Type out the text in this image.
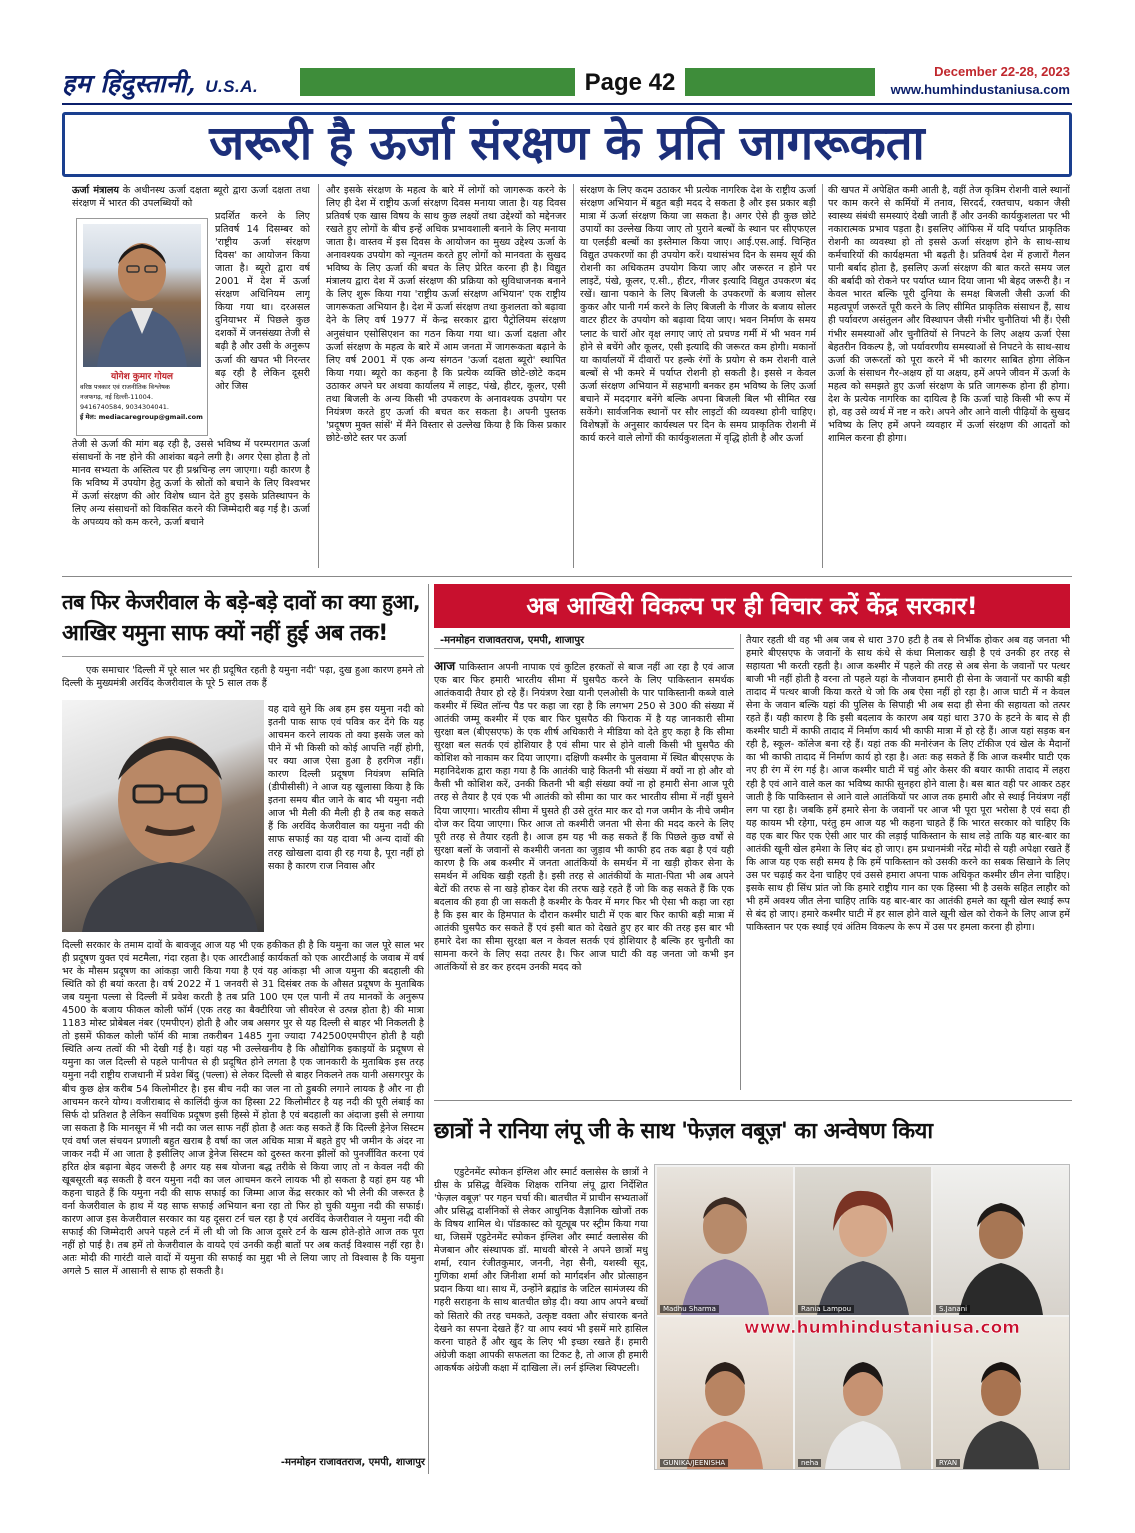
हम हिंदुस्तानी, U.S.A.	Page 42	December 22-28, 2023
www.humhindustaniusa.com
जरूरी है ऊर्जा संरक्षण के प्रति जागरूकता
ऊर्जा मंत्रालय के अधीनस्थ ऊर्जा दक्षता ब्यूरो द्वारा ऊर्जा दक्षता तथा संरक्षण में भारत की उपलब्धियों को
योगेश कुमार गोयल
वरिष्ठ पत्रकार एवं राजनीतिक विश्लेषक
नजफगढ़, नई दिल्ली-11004.
9416740584, 9034304041.
ई मेल: mediacaregroup@gmail.com
प्रदर्शित करने के लिए प्रतिवर्ष 14 दिसम्बर को 'राष्ट्रीय ऊर्जा संरक्षण दिवस' का आयोजन किया जाता है। ब्यूरो द्वारा वर्ष 2001 में देश में ऊर्जा संरक्षण अधिनियम लागू किया गया था। दरअसल दुनियाभर में पिछले कुछ दशकों में जनसंख्या तेजी से बढ़ी है और उसी के अनुरूप ऊर्जा की खपत भी निरन्तर बढ़ रही है लेकिन दूसरी ओर जिस
तेजी से ऊर्जा की मांग बढ़ रही है, उससे भविष्य में परम्परागत ऊर्जा संसाधनों के नष्ट होने की आशंका बढ़ने लगी है। अगर ऐसा होता है तो मानव सभ्यता के अस्तित्व पर ही प्रश्नचिन्ह लग जाएगा। यही कारण है कि भविष्य में उपयोग हेतु ऊर्जा के स्रोतों को बचाने के लिए विश्वभर में ऊर्जा संरक्षण की ओर विशेष ध्यान देते हुए इसके प्रतिस्थापन के लिए अन्य संसाधनों को विकसित करने की जिम्मेदारी बढ़ गई है। ऊर्जा के अपव्यय को कम करने, ऊर्जा बचाने
और इसके संरक्षण के महत्व के बारे में लोगों को जागरूक करने के लिए ही देश में राष्ट्रीय ऊर्जा संरक्षण दिवस मनाया जाता है। यह दिवस प्रतिवर्ष एक खास विषय के साथ कुछ लक्ष्यों तथा उद्देश्यों को मद्देनजर रखते हुए लोगों के बीच इन्हें अधिक प्रभावशाली बनाने के लिए मनाया जाता है। वास्तव में इस दिवस के आयोजन का मुख्य उद्देश्य ऊर्जा के अनावश्यक उपयोग को न्यूनतम करते हुए लोगों को मानवता के सुखद भविष्य के लिए ऊर्जा की बचत के लिए प्रेरित करना ही है। विद्युत मंत्रालय द्वारा देश में ऊर्जा संरक्षण की प्रक्रिया को सुविधाजनक बनाने के लिए शुरू किया गया 'राष्ट्रीय ऊर्जा संरक्षण अभियान' एक राष्ट्रीय जागरूकता अभियान है। देश में ऊर्जा संरक्षण तथा कुशलता को बढ़ावा देने के लिए वर्ष 1977 में केन्द्र सरकार द्वारा पैट्रोलियम संरक्षण अनुसंधान एसोसिएशन का गठन किया गया था। ऊर्जा दक्षता और ऊर्जा संरक्षण के महत्व के बारे में आम जनता में जागरूकता बढ़ाने के लिए वर्ष 2001 में एक अन्य संगठन 'ऊर्जा दक्षता ब्यूरो' स्थापित किया गया। ब्यूरो का कहना है कि प्रत्येक व्यक्ति छोटे-छोटे कदम उठाकर अपने घर अथवा कार्यालय में लाइट, पंखे, हीटर, कूलर, एसी तथा बिजली के अन्य किसी भी उपकरण के अनावश्यक उपयोग पर नियंत्रण करते हुए ऊर्जा की बचत कर सकता है। अपनी पुस्तक 'प्रदूषण मुक्त सांसें' में मैंने विस्तार से उल्लेख किया है कि किस प्रकार छोटे-छोटे स्तर पर ऊर्जा
संरक्षण के लिए कदम उठाकर भी प्रत्येक नागरिक देश के राष्ट्रीय ऊर्जा संरक्षण अभियान में बहुत बड़ी मदद दे सकता है और इस प्रकार बड़ी मात्रा में ऊर्जा संरक्षण किया जा सकता है। अगर ऐसे ही कुछ छोटे उपायों का उल्लेख किया जाए तो पुराने बल्बों के स्थान पर सीएफएल या एलईडी बल्बों का इस्तेमाल किया जाए। आई.एस.आई. चिन्हित विद्युत उपकरणों का ही उपयोग करें। यथासंभव दिन के समय सूर्य की रोशनी का अधिकतम उपयोग किया जाए और जरूरत न होने पर लाइटें, पंखे, कूलर, ए.सी., हीटर, गीजर इत्यादि विद्युत उपकरण बंद रखें। खाना पकाने के लिए बिजली के उपकरणों के बजाय सोलर कुकर और पानी गर्म करने के लिए बिजली के गीजर के बजाय सोलर वाटर हीटर के उपयोग को बढ़ावा दिया जाए। भवन निर्माण के समय प्लाट के चारों ओर वृक्ष लगाए जाएं तो प्रचण्ड गर्मी में भी भवन गर्म होने से बचेंगे और कूलर, एसी इत्यादि की जरूरत कम होगी। मकानों या कार्यालयों में दीवारों पर हल्के रंगों के प्रयोग से कम रोशनी वाले बल्बों से भी कमरे में पर्याप्त रोशनी हो सकती है। इससे न केवल ऊर्जा संरक्षण अभियान में सहभागी बनकर हम भविष्य के लिए ऊर्जा बचाने में मददगार बनेंगे बल्कि अपना बिजली बिल भी सीमित रख सकेंगे। सार्वजनिक स्थानों पर सौर लाइटों की व्यवस्था होनी चाहिए। विशेषज्ञों के अनुसार कार्यस्थल पर दिन के समय प्राकृतिक रोशनी में कार्य करने वाले लोगों की कार्यकुशलता में वृद्धि होती है और ऊर्जा
की खपत में अपेक्षित कमी आती है, वहीं तेज कृत्रिम रोशनी वाले स्थानों पर काम करने से कर्मियों में तनाव, सिरदर्द, रक्तचाप, थकान जैसी स्वास्थ्य संबंधी समस्याएं देखी जाती हैं और उनकी कार्यकुशलता पर भी नकारात्मक प्रभाव पड़ता है। इसलिए ऑफिस में यदि पर्याप्त प्राकृतिक रोशनी का व्यवस्था हो तो इससे ऊर्जा संरक्षण होने के साथ-साथ कर्मचारियों की कार्यक्षमता भी बढ़ती है। प्रतिवर्ष देश में हजारों गैलन पानी बर्बाद होता है, इसलिए ऊर्जा संरक्षण की बात करते समय जल की बर्बादी को रोकने पर पर्याप्त ध्यान दिया जाना भी बेहद जरूरी है। न केवल भारत बल्कि पूरी दुनिया के समक्ष बिजली जैसी ऊर्जा की महत्वपूर्ण जरूरतें पूरी करने के लिए सीमित प्राकृतिक संसाधन हैं, साथ ही पर्यावरण असंतुलन और विस्थापन जैसी गंभीर चुनौतियां भी हैं। ऐसी गंभीर समस्याओं और चुनौतियों से निपटने के लिए अक्षय ऊर्जा ऐसा बेहतरीन विकल्प है, जो पर्यावरणीय समस्याओं से निपटने के साथ-साथ ऊर्जा की जरूरतों को पूरा करने में भी कारगर साबित होगा लेकिन ऊर्जा के संसाधन गैर-अक्षय हों या अक्षय, हमें अपने जीवन में ऊर्जा के महत्व को समझते हुए ऊर्जा संरक्षण के प्रति जागरूक होना ही होगा। देश के प्रत्येक नागरिक का दायित्व है कि ऊर्जा चाहे किसी भी रूप में हो, वह उसे व्यर्थ में नष्ट न करे। अपने और आने वाली पीढ़ियों के सुखद भविष्य के लिए हमें अपने व्यवहार में ऊर्जा संरक्षण की आदतों को शामिल करना ही होगा।
तब फिर केजरीवाल के बड़े-बड़े दावों का क्या हुआ,
आखिर यमुना साफ क्यों नहीं हुई अब तक!
एक समाचार 'दिल्ली में पूरे साल भर ही प्रदूषित रहती है यमुना नदी' पढ़ा, दुख हुआ कारण हमने तो दिल्ली के मुख्यमंत्री अरविंद केजरीवाल के पूरे 5 साल तक हैं
यह दावे सुने कि अब हम इस यमुना नदी को इतनी पाक साफ एवं पवित्र कर देंगे कि यह आचमन करने लायक तो क्या इसके जल को पीने में भी किसी को कोई आपत्ति नहीं होगी, पर क्या आज ऐसा हुआ है हरगिज नहीं। कारण दिल्ली प्रदूषण नियंत्रण समिति (डीपीसीसी) ने आज यह खुलासा किया है कि इतना समय बीत जाने के बाद भी यमुना नदी आज भी मैली की मैली ही है तब कह सकते हैं कि अरविंद केजरीवाल का यमुना नदी की साफ सफाई का यह दावा भी अन्य दावों की तरह खोखला दावा ही रह गया है, पूरा नहीं हो सका है कारण राज निवास और
दिल्ली सरकार के तमाम दावों के बावजूद आज यह भी एक हकीकत ही है कि यमुना का जल पूरे साल भर ही प्रदूषण युक्त एवं मटमैला, गंदा रहता है। एक आरटीआई कार्यकर्ता को एक आरटीआई के जवाब में वर्ष भर के मौसम प्रदूषण का आंकड़ा जारी किया गया है एवं यह आंकड़ा भी आज यमुना की बदहाली की स्थिति को ही बयां करता है। वर्ष 2022 में 1 जनवरी से 31 दिसंबर तक के औसत प्रदूषण के मुताबिक जब यमुना पल्ला से दिल्ली में प्रवेश करती है तब प्रति 100 एम एल पानी में तय मानकों के अनुरूप 4500 के बजाय फीकल कोली फॉर्म (एक तरह का बैक्टीरिया जो सीवरेज से उत्पन्न होता है) की मात्रा 1183 मोस्ट प्रोबेबल नंबर (एमपीएन) होती है और जब असगर पुर से यह दिल्ली से बाहर भी निकलती है तो इसमें फीकल कोली फॉर्म की मात्रा तकरीबन 1485 गुना ज्यादा 742500एमपीएन होती है यही स्थिति अन्य तत्वों की भी देखी गई है। यहां यह भी उल्लेखनीय है कि औद्योगिक इकाइयों के प्रदूषण से यमुना का जल दिल्ली से पहले पानीपत से ही प्रदूषित होने लगता है एक जानकारी के मुताबिक इस तरह यमुना नदी राष्ट्रीय राजधानी में प्रवेश बिंदु (पल्ला) से लेकर दिल्ली से बाहर निकलने तक यानी असगरपुर के बीच कुछ क्षेत्र करीब 54 किलोमीटर है। इस बीच नदी का जल ना तो डुबकी लगाने लायक है और ना ही आचमन करने योग्य। वजीराबाद से कालिंदी कुंज का हिस्सा 22 किलोमीटर है यह नदी की पूरी लंबाई का सिर्फ दो प्रतिशत है लेकिन सर्वाधिक प्रदूषण इसी हिस्से में होता है एवं बदहाली का अंदाजा इसी से लगाया जा सकता है कि मानसून में भी नदी का जल साफ नहीं होता है अतः कह सकते हैं कि दिल्ली ड्रेनेज सिस्टम एवं वर्षा जल संचयन प्रणाली बहुत खराब है वर्षा का जल अधिक मात्रा में बहते हुए भी जमीन के अंदर ना जाकर नदी में आ जाता है इसीलिए आज ड्रेनेज सिस्टम को दुरुस्त करना झीलों को पुनर्जीवित करना एवं हरित क्षेत्र बढ़ाना बेहद जरूरी है अगर यह सब योजना बद्ध तरीके से किया जाए तो न केवल नदी की खूबसूरती बढ़ सकती है वरन यमुना नदी का जल आचमन करने लायक भी हो सकता है यहां हम यह भी कहना चाहते हैं कि यमुना नदी की साफ सफाई का जिम्मा आज केंद्र सरकार को भी लेनी की जरूरत है वर्ना केजरीवाल के हाथ में यह साफ सफाई अभियान बना रहा तो फिर हो चुकी यमुना नदी की सफाई। कारण आज इस केजरीवाल सरकार का यह दूसरा टर्न चल रहा है एवं अरविंद केजरीवाल ने यमुना नदी की सफाई की जिम्मेदारी अपने पहले टर्न में ली थी जो कि आज दूसरे टर्न के खत्म होते-होते आज तक पूरा नहीं हो पाई है। तब हमें तो केजरीवाल के वायदे एवं उनकी कही बातों पर अब कतई विश्वास नहीं रहा है। अतः मोदी की गारंटी वाले वादों में यमुना की सफाई का मुद्दा भी ले लिया जाए तो विश्वास है कि यमुना अगले 5 साल में आसानी से साफ हो सकती है।
-मनमोहन राजावतराज, एमपी, शाजापुर
अब आखिरी विकल्प पर ही विचार करें केंद्र सरकार!
-मनमोहन राजावतराज, एमपी, शाजापुर
आज पाकिस्तान अपनी नापाक एवं कुटिल हरकतों से बाज नहीं आ रहा है एवं आज एक बार फिर हमारी भारतीय सीमा में घुसपैठ करने के लिए पाकिस्तान समर्थक आतंकवादी तैयार हो रहे हैं। नियंत्रण रेखा यानी एलओसी के पार पाकिस्तानी कब्जे वाले कश्मीर में स्थित लॉन्च पैड पर कहा जा रहा है कि लगभग 250 से 300 की संख्या में आतंकी जम्मू कश्मीर में एक बार फिर घुसपैठ की फिराक में है यह जानकारी सीमा सुरक्षा बल (बीएसएफ) के एक शीर्ष अधिकारी ने मीडिया को देते हुए कहा है कि सीमा सुरक्षा बल सतर्क एवं होशियार है एवं सीमा पार से होने वाली किसी भी घुसपैठ की कोशिश को नाकाम कर दिया जाएगा। दक्षिणी कश्मीर के पुलवामा में स्थित बीएसएफ के महानिदेशक द्वारा कहा गया है कि आतंकी चाहे कितनी भी संख्या में क्यों ना हो और वो कैसी भी कोशिश करें, उनकी कितनी भी बड़ी संख्या क्यों ना हो हमारी सेना आज पूरी तरह से तैयार है एवं एक भी आतंकी को सीमा का पार कर भारतीय सीमा में नहीं घुसने दिया जाएगा। भारतीय सीमा में घुसते ही उसे तुरंत मार कर दो गज जमीन के नीचे जमीन दोज कर दिया जाएगा। फिर आज तो कश्मीरी जनता भी सेना की मदद करने के लिए पूरी तरह से तैयार रहती है। आज हम यह भी कह सकते हैं कि पिछले कुछ वर्षों से सुरक्षा बलों के जवानों से कश्मीरी जनता का जुड़ाव भी काफी हद तक बढ़ा है एवं यही कारण है कि अब कश्मीर में जनता आतंकियों के समर्थन में ना खड़ी होकर सेना के समर्थन में अधिक खड़ी रहती है। इसी तरह से आतंकीयों के माता-पिता भी अब अपने बेटों की तरफ से ना खड़े होकर देश की तरफ खड़े रहते हैं जो कि कह सकते हैं कि एक बदलाव की हवा ही जा सकती है कश्मीर के फैवर में मगर फिर भी ऐसा भी कहा जा रहा है कि इस बार के हिमपात के दौरान कश्मीर घाटी में एक बार फिर काफी बड़ी मात्रा में आतंकी घुसपैठ कर सकते हैं एवं इसी बात को देखते हुए हर बार की तरह इस बार भी हमारे देश का सीमा सुरक्षा बल न केवल सतर्क एवं होशियार है बल्कि हर चुनौती का सामना करने के लिए सदा तत्पर है। फिर आज घाटी की वह जनता जो कभी इन आतंकियों से डर कर हरदम उनकी मदद को
तैयार रहती थी वह भी अब जब से धारा 370 हटी है तब से निर्भीक होकर अब वह जनता भी हमारे बीएसएफ के जवानों के साथ कंधे से कंधा मिलाकर खड़ी है एवं उनकी हर तरह से सहायता भी करती रहती है। आज कश्मीर में पहले की तरह से अब सेना के जवानों पर पत्थर बाजी भी नहीं होती है वरना तो पहले यहां के नौजवान हमारी ही सेना के जवानों पर काफी बड़ी तादाद में पत्थर बाजी किया करते थे जो कि अब ऐसा नहीं हो रहा है। आज घाटी में न केवल सेना के जवान बल्कि यहां की पुलिस के सिपाही भी अब सदा ही सेना की सहायता को तत्पर रहते हैं। यही कारण है कि इसी बदलाव के कारण अब यहां धारा 370 के हटने के बाद से ही कश्मीर घाटी में काफी तादाद में निर्माण कार्य भी काफी मात्रा में हो रहे हैं। आज यहां सड़क बन रही है, स्कूल- कॉलेज बना रहे हैं। यहां तक की मनोरंजन के लिए टॉकीज एवं खेल के मैदानों का भी काफी तादाद में निर्माण कार्य हो रहा है। अतः कह सकते हैं कि आज कश्मीर घाटी एक नए ही रंग में रंग गई है। आज कश्मीर घाटी में चहुं ओर केसर की बयार काफी तादाद में लहरा रही है एवं आने वाले कल का भविष्य काफी सुनहरा होने वाला है। बस बात वही पर आकर ठहर जाती है कि पाकिस्तान से आने वाले आतंकियों पर आज तक हमारी और से स्थाई नियंत्रण नहीं लग पा रहा है। जबकि हमें हमारे सेना के जवानों पर आज भी पूरा पूरा भरोसा है एवं सदा ही यह कायम भी रहेगा, परंतु हम आज यह भी कहना चाहते हैं कि भारत सरकार को चाहिए कि वह एक बार फिर एक ऐसी आर पार की लड़ाई पाकिस्तान के साथ लड़े ताकि यह बार-बार का आतंकी खूनी खेल हमेशा के लिए बंद हो जाए। हम प्रधानमंत्री नरेंद्र मोदी से यही अपेक्षा रखते हैं कि आज यह एक सही समय है कि हमें पाकिस्तान को उसकी करने का सबक सिखाने के लिए उस पर चढ़ाई कर देना चाहिए एवं उससे हमारा अपना पाक अधिकृत कश्मीर छीन लेना चाहिए। इसके साथ ही सिंध प्रांत जो कि हमारे राष्ट्रीय गान का एक हिस्सा भी है उसके सहित लाहौर को भी हमें अवश्य जीत लेना चाहिए ताकि यह बार-बार का आतंकी हमले का खूनी खेल स्थाई रूप से बंद हो जाए। हमारे कश्मीर घाटी में हर साल होने वाले खूनी खेल को रोकने के लिए आज हमें पाकिस्तान पर एक स्थाई एवं अंतिम विकल्प के रूप में उस पर हमला करना ही होगा।
छात्रों ने रानिया लंपू जी के साथ 'फेज़ल वबूज़' का अन्वेषण किया
एडुटेनमेंट स्पोकन इंग्लिश और स्मार्ट क्लासेस के छात्रों ने ग्रीस के प्रसिद्ध वैश्विक शिक्षक रानिया लंपू द्वारा निर्देशित 'फेज़ल वबूज़' पर गहन चर्चा की। बातचीत में प्राचीन सभ्यताओं और प्रसिद्ध दार्शनिकों से लेकर आधुनिक वैज्ञानिक खोजों तक के विषय शामिल थे। पॉडकास्ट को यूट्यूब पर स्ट्रीम किया गया था, जिसमें एडुटेनमेंट स्पोकन इंग्लिश और स्मार्ट क्लासेस की मेजबान और संस्थापक डॉ. माधवी बोरसे ने अपने छात्रों मधु शर्मा, रयान रंजीतकुमार, जननी, नेहा सैनी, यशस्वी सूद, गुणिका शर्मा और जिनीशा शर्मा को मार्गदर्शन और प्रोत्साहन प्रदान किया था। साथ में, उन्होंने ब्रह्मांड के जटिल सामंजस्य की गहरी सराहना के साथ बातचीत छोड़ दी। क्या आप अपने बच्चों को सितारे की तरह चमकते, उत्कृष्ट वक्ता और संचारक बनते देखने का सपना देखते हैं? या आप स्वयं भी इसमें मारे हासिल करना चाहते हैं और खुद के लिए भी इच्छा रखते हैं। हमारी अंग्रेजी कक्षा आपकी सफलता का टिकट है, तो आज ही हमारी आकर्षक अंग्रेजी कक्षा में दाखिला लें। लर्न इंग्लिश स्विफ्टली।
Madhu Sharma	Rania Lampou	S.Janani
GUNIKA/JEENISHA	neha	RYAN
www.humhindustaniusa.com
